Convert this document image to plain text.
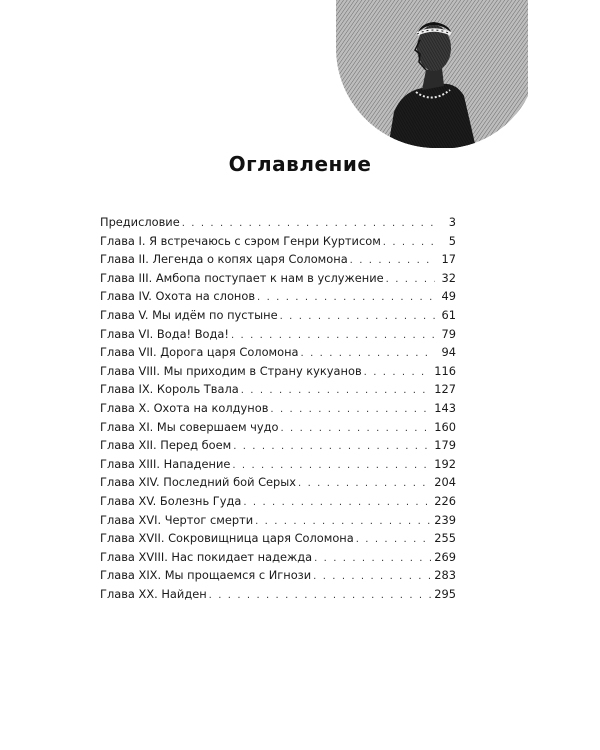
Оглавление
Предисловие . . .	3
Глава I. Я встречаюсь с сэром Генри Куртисом . . .	5
Глава II. Легенда о копях царя Соломона . . .	17
Глава III. Амбопа поступает к нам в услужение . . .	32
Глава IV. Охота на слонов . . .	49
Глава V. Мы идём по пустыне . . .	61
Глава VI. Вода! Вода! . . .	79
Глава VII. Дорога царя Соломона . . .	94
Глава VIII. Мы приходим в Страну кукуанов . . .	116
Глава IX. Король Твала . . .	127
Глава X. Охота на колдунов . . .	143
Глава XI. Мы совершаем чудо . . .	160
Глава XII. Перед боем . . .	179
Глава XIII. Нападение . . .	192
Глава XIV. Последний бой Серых . . .	204
Глава XV. Болезнь Гуда . . .	226
Глава XVI. Чертог смерти . . .	239
Глава XVII. Сокровищница царя Соломона . . .	255
Глава XVIII. Нас покидает надежда . . .	269
Глава XIX. Мы прощаемся с Игнози . . .	283
Глава XX. Найден . . .	295
